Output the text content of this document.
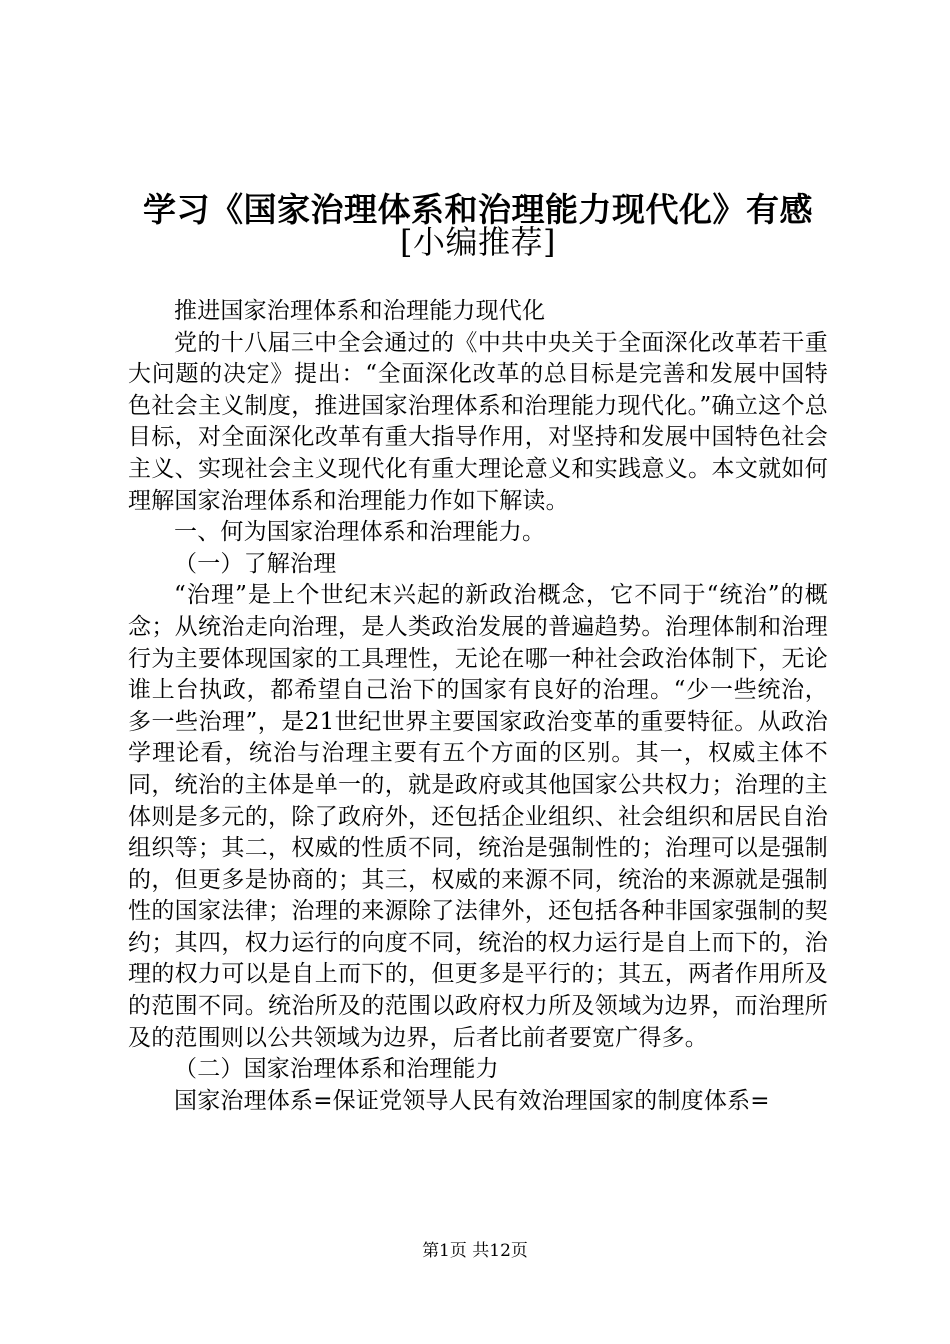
学习《国家治理体系和治理能力现代化》有感
[小编推荐]

推进国家治理体系和治理能力现代化

党的十八届三中全会通过的《中共中央关于全面深化改革若干重大问题的决定》提出：“全面深化改革的总目标是完善和发展中国特色社会主义制度，推进国家治理体系和治理能力现代化。”确立这个总目标，对全面深化改革有重大指导作用，对坚持和发展中国特色社会主义、实现社会主义现代化有重大理论意义和实践意义。本文就如何理解国家治理体系和治理能力作如下解读。

一、何为国家治理体系和治理能力。

（一）了解治理

“治理”是上个世纪末兴起的新政治概念，它不同于“统治”的概念；从统治走向治理，是人类政治发展的普遍趋势。治理体制和治理行为主要体现国家的工具理性，无论在哪一种社会政治体制下，无论谁上台执政，都希望自己治下的国家有良好的治理。“少一些统治，多一些治理”，是21世纪世界主要国家政治变革的重要特征。从政治学理论看，统治与治理主要有五个方面的区别。其一，权威主体不同，统治的主体是单一的，就是政府或其他国家公共权力；治理的主体则是多元的，除了政府外，还包括企业组织、社会组织和居民自治组织等；其二，权威的性质不同，统治是强制性的；治理可以是强制的，但更多是协商的；其三，权威的来源不同，统治的来源就是强制性的国家法律；治理的来源除了法律外，还包括各种非国家强制的契约；其四，权力运行的向度不同，统治的权力运行是自上而下的，治理的权力可以是自上而下的，但更多是平行的；其五，两者作用所及的范围不同。统治所及的范围以政府权力所及领域为边界，而治理所及的范围则以公共领域为边界，后者比前者要宽广得多。

（二）国家治理体系和治理能力

国家治理体系=保证党领导人民有效治理国家的制度体系=

第1页 共12页
